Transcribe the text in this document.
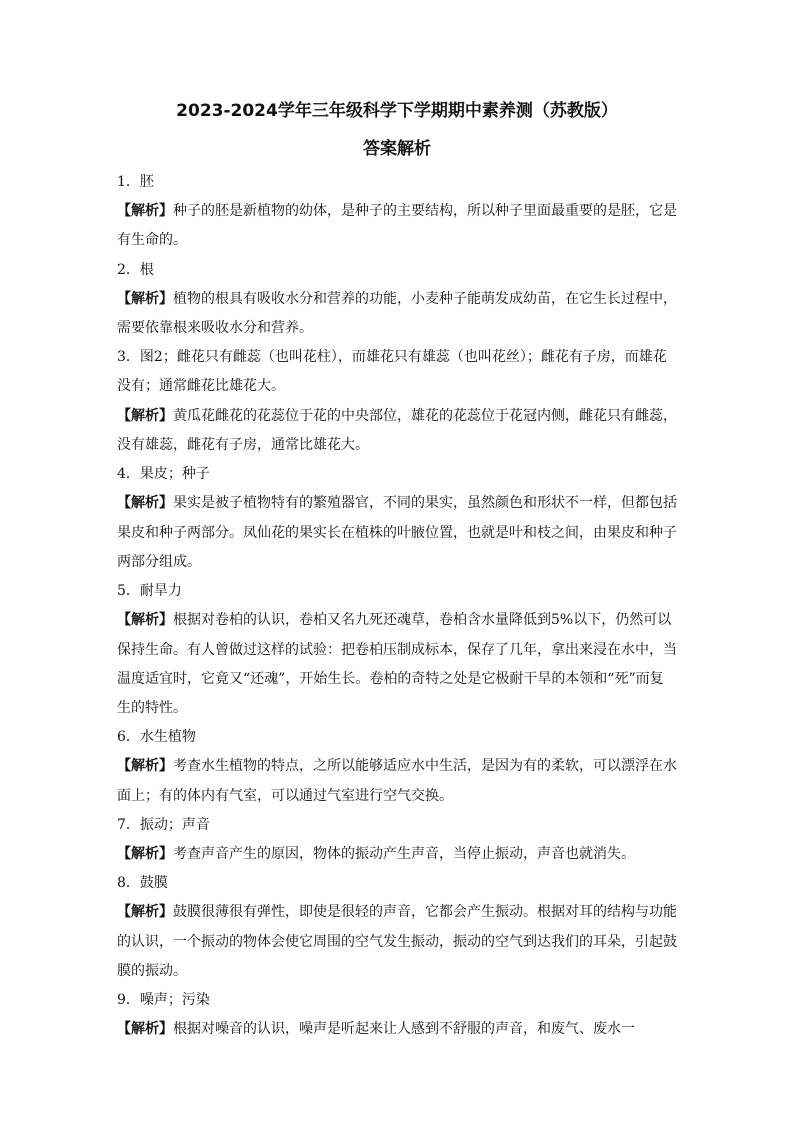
2023-2024学年三年级科学下学期期中素养测（苏教版）
答案解析
1．胚
【解析】种子的胚是新植物的幼体，是种子的主要结构，所以种子里面最重要的是胚，它是有生命的。
2．根
【解析】植物的根具有吸收水分和营养的功能，小麦种子能萌发成幼苗，在它生长过程中，需要依靠根来吸收水分和营养。
3．图2；雌花只有雌蕊（也叫花柱），而雄花只有雄蕊（也叫花丝）；雌花有子房，而雄花没有；通常雌花比雄花大。
【解析】黄瓜花雌花的花蕊位于花的中央部位，雄花的花蕊位于花冠内侧，雌花只有雌蕊，没有雄蕊，雌花有子房，通常比雄花大。
4．果皮；种子
【解析】果实是被子植物特有的繁殖器官，不同的果实，虽然颜色和形状不一样，但都包括果皮和种子两部分。凤仙花的果实长在植株的叶腋位置，也就是叶和枝之间，由果皮和种子两部分组成。
5．耐旱力
【解析】根据对卷柏的认识，卷柏又名九死还魂草，卷柏含水量降低到5%以下，仍然可以保持生命。有人曾做过这样的试验：把卷柏压制成标本，保存了几年，拿出来浸在水中，当温度适宜时，它竟又“还魂”，开始生长。卷柏的奇特之处是它极耐干旱的本领和“死”而复生的特性。
6．水生植物
【解析】考查水生植物的特点，之所以能够适应水中生活，是因为有的柔软，可以漂浮在水面上；有的体内有气室，可以通过气室进行空气交换。
7．振动；声音
【解析】考查声音产生的原因，物体的振动产生声音，当停止振动，声音也就消失。
8．鼓膜
【解析】鼓膜很薄很有弹性，即使是很轻的声音，它都会产生振动。根据对耳的结构与功能的认识，一个振动的物体会使它周围的空气发生振动，振动的空气到达我们的耳朵，引起鼓膜的振动。
9．噪声；污染
【解析】根据对噪音的认识，噪声是听起来让人感到不舒服的声音，和废气、废水一
